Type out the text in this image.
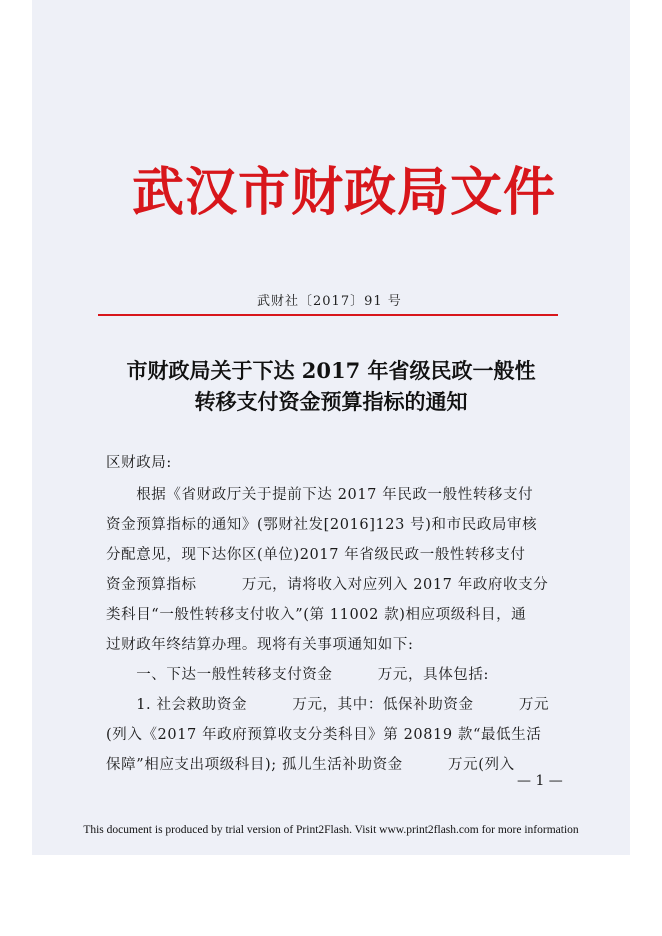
武汉市财政局文件
武财社〔2017〕91 号
市财政局关于下达 2017 年省级民政一般性
转移支付资金预算指标的通知
区财政局:
　　根据《省财政厅关于提前下达 2017 年民政一般性转移支付
资金预算指标的通知》(鄂财社发[2016]123 号)和市民政局审核
分配意见，现下达你区(单位)2017 年省级民政一般性转移支付
资金预算指标　　　万元，请将收入对应列入 2017 年政府收支分
类科目“一般性转移支付收入”(第 11002 款)相应项级科目，通
过财政年终结算办理。现将有关事项通知如下:
　　一、下达一般性转移支付资金　　　万元，具体包括:
　　1. 社会救助资金　　　万元，其中：低保补助资金　　　万元
(列入《2017 年政府预算收支分类科目》第 20819 款“最低生活
保障”相应支出项级科目); 孤儿生活补助资金　　　万元(列入
— 1 —
This document is produced by trial version of Print2Flash. Visit www.print2flash.com for more information
